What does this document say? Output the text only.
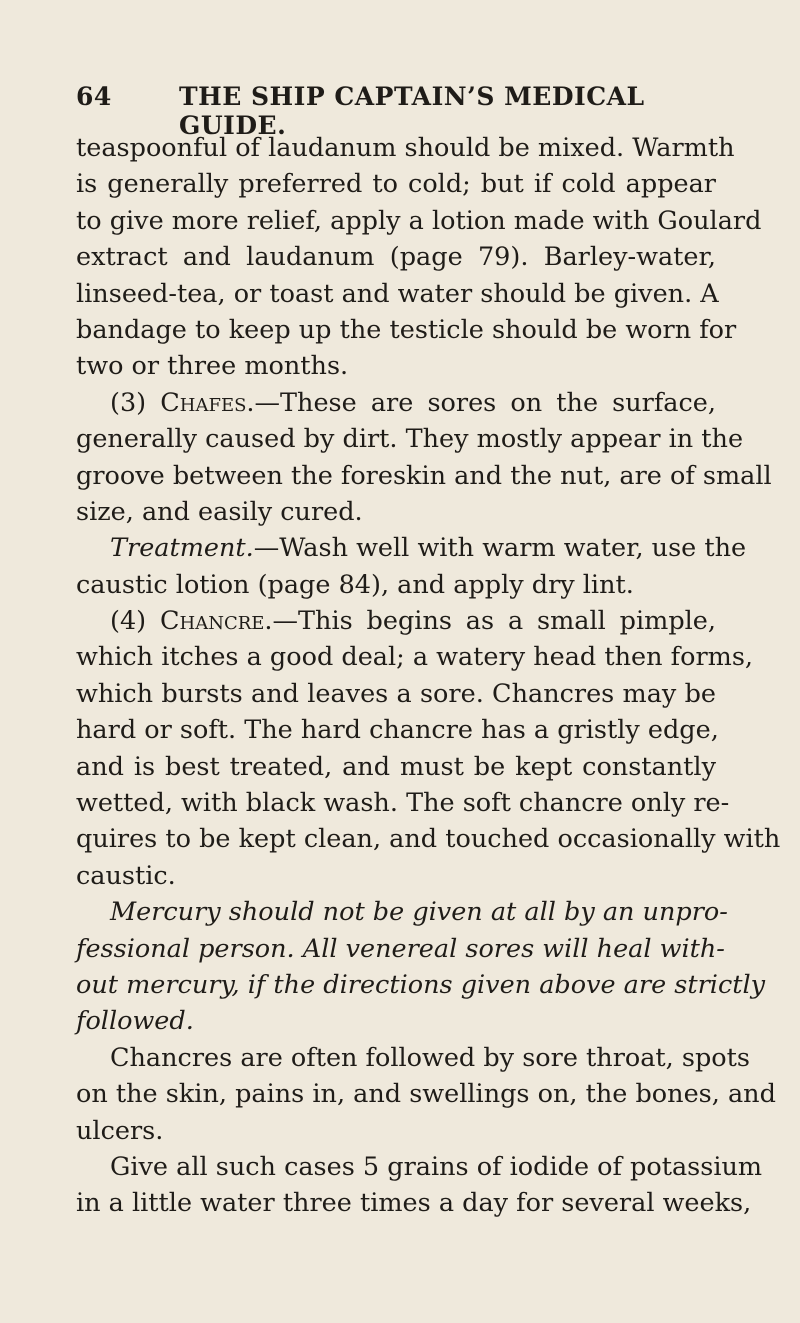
64	THE SHIP CAPTAIN’S MEDICAL GUIDE.
teaspoonful of laudanum should be mixed. Warmth
is generally preferred to cold; but if cold appear
to give more relief, apply a lotion made with Goulard
extract and laudanum (page 79). Barley-water,
linseed-tea, or toast and water should be given. A
bandage to keep up the testicle should be worn for
two or three months.
(3) Chafes.—These are sores on the surface,
generally caused by dirt. They mostly appear in the
groove between the foreskin and the nut, are of small
size, and easily cured.
Treatment.—Wash well with warm water, use the
caustic lotion (page 84), and apply dry lint.
(4) Chancre.—This begins as a small pimple,
which itches a good deal; a watery head then forms,
which bursts and leaves a sore. Chancres may be
hard or soft. The hard chancre has a gristly edge,
and is best treated, and must be kept constantly
wetted, with black wash. The soft chancre only re-
quires to be kept clean, and touched occasionally with
caustic.
Mercury should not be given at all by an unpro-
fessional person. All venereal sores will heal with-
out mercury, if the directions given above are strictly
followed.
Chancres are often followed by sore throat, spots
on the skin, pains in, and swellings on, the bones, and
ulcers.
Give all such cases 5 grains of iodide of potassium
in a little water three times a day for several weeks,
